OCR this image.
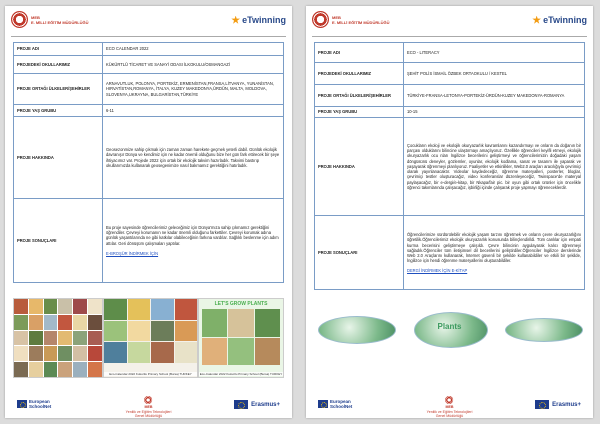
MEB
E. MİLLİ EĞİTİM MÜDÜRLÜĞÜ	eTwinning
PROJE ADI	ECO CALENDAR 2022
PROJEDEKİ OKULLARIMIZ	KÜKÜRTLÜ TİCARET VE SANAYİ ODASI İLKOKULU/OSMANGAZİ
PROJE ORTAĞI ÜLKELER/ŞEHİRLER	ARNAVUTLUK, POLONYA, PORTEKİZ, ERMENİSTAN,FRANSA,LİTVANYA, YUNANİSTAN, HIRVATİSTAN,ROMANYA, İTALYA, KUZEY MAKEDONYA,ÜRDÜN, MALTA, MOLDOVA, SLOVENYA,UKRAYNA, BULGARİSTAN,TÜRKİYE
PROJE YAŞ GRUBU	6-11
PROJE HAKKINDA	Geosezonmize sahip çıkmak için zaman zaman harekete geçmek yeterli dabil. Günlük ekolojik davranışır Dünya ve kendimiz için ne kadar önemli olduğunu bize her gün fark ettirecek bir şeye ihtiyacımız var. Projede 2022 için ortak bir ekolojik takvim hazırladık. Takvimi bastırıp okullarımızda kullanarak geosegenimize nasıl bakmamız gerektiğini hatırladık.
PROJE SONUÇLARI	Bu proje sayesinde öğrencilerimiz geleceğimiz için Dünya'mıza sahip çıkmamız gerektiğini öğrendiler. Çevreyi korumanın ne kadar önemli olduğunu farkettiler. Çevreyi korumak adına günlük yaşantılarında ne gibi katkılar olabileceğinin farkına vardılar. Sağlıklı beslenme için adım attılar. Geri dönüşüm çalışmaları yaptılar.
E-BROŞÜR İNDİRMEK İÇİN
Eco-Calendar 2022 Kukurtlu Primary School (Bursa) TURKEY
LET'S GROW PLANTS
Eco-Calendar 2022 Kukurtlu Primary School (Bursa) TURKEY
European
SchoolNet	MEB
Yenilik ve Eğitim Teknolojileri
Genel Müdürlüğü
Erasmus+
MEB
E. MİLLİ EĞİTİM MÜDÜRLÜĞÜ	eTwinning
PROJE ADI	ECO - LITERACY
PROJEDEKİ OKULLARIMIZ	ŞEHİT POLİS İSMAİL ÖZBEK ORTAOKULU / KESTEL
PROJE ORTAĞI ÜLKELER/ŞEHİRLER	TÜRKİYE-FRANSA-LETONYA-PORTEKİZ-ÜRDÜN-KUZEY MAKEDONYA-ROMANYA
PROJE YAŞ GRUBU	10-15
PROJE HAKKINDA	Çocukların ekoloji ve ekolojik okuryazarlık kavramlarını kazandırmayı ve onların da doğanın bir parçası olduklarını bilincine ulaştırmayı amaçlıyoruz. Özellikle öğrencileri keyifli etmeyi, ekolojik okuryazarlık ocu nları İngilizce becerilerini geliştirmeyi ve öğrencilerimizin doğadaki yaşam döngüsünü deneyler, gözlemler, oyunlar, ekolojik kodlama, sanat ve tasarım ile yaparak ve yaşayarak öğrenmeyi planlıyoruz. Faaliyetler ve etkinlikler, Web2.0 araçları aracılığıyla çevrimiçi olarak yayınlanacaktır. Videolar kaydedeceğiz, öğrenme materyalleri, posterler, bloglar, çevrimiçi testler oluşturacağız, video konferanslar düzenleyeceğiz, Twinspace'de materyal paylaşacağız, bir e-dergi/e-kitap, bir Nkapa/fair pic. bir oyun gibi ortak ürünler için öncelikle öğrenci takımlarında çalışacağız, işbirliği içinde çalışarak proje yapmayı öğreneceklerdir.
PROJE SONUÇLARI	Öğrencilerimize sürdürülebilir ekolojik yaşam tarzını öğretmek ve onların çevre okuryazarlığını öğretilik.Öğrencilerimiz ekolojik okuryazarlık konusunda bilinçlendirildi. Tüm canlılar için empati kurma becerisini geliştirmeye çalışıldı. Çevre bilincinin aygulayarak kalıcı öğrenmeyi sağladık.Öğrenciler tüm iletişimsel dil becerilerini geliştirdiler.Öğrenciler İngilizce derslerinde Web 2.0 Araçlarını kullanarak, İnternet güvenli bir şekilde kullanabildiler ve etkili bir şekilde, İngilizce için hendi öğrenme materyallerini oluşturabildiler.
DERGİ İNDİRMEK İÇİN E-KİTAP
Plants
European
SchoolNet	MEB
Yenilik ve Eğitim Teknolojileri
Genel Müdürlüğü
Erasmus+
